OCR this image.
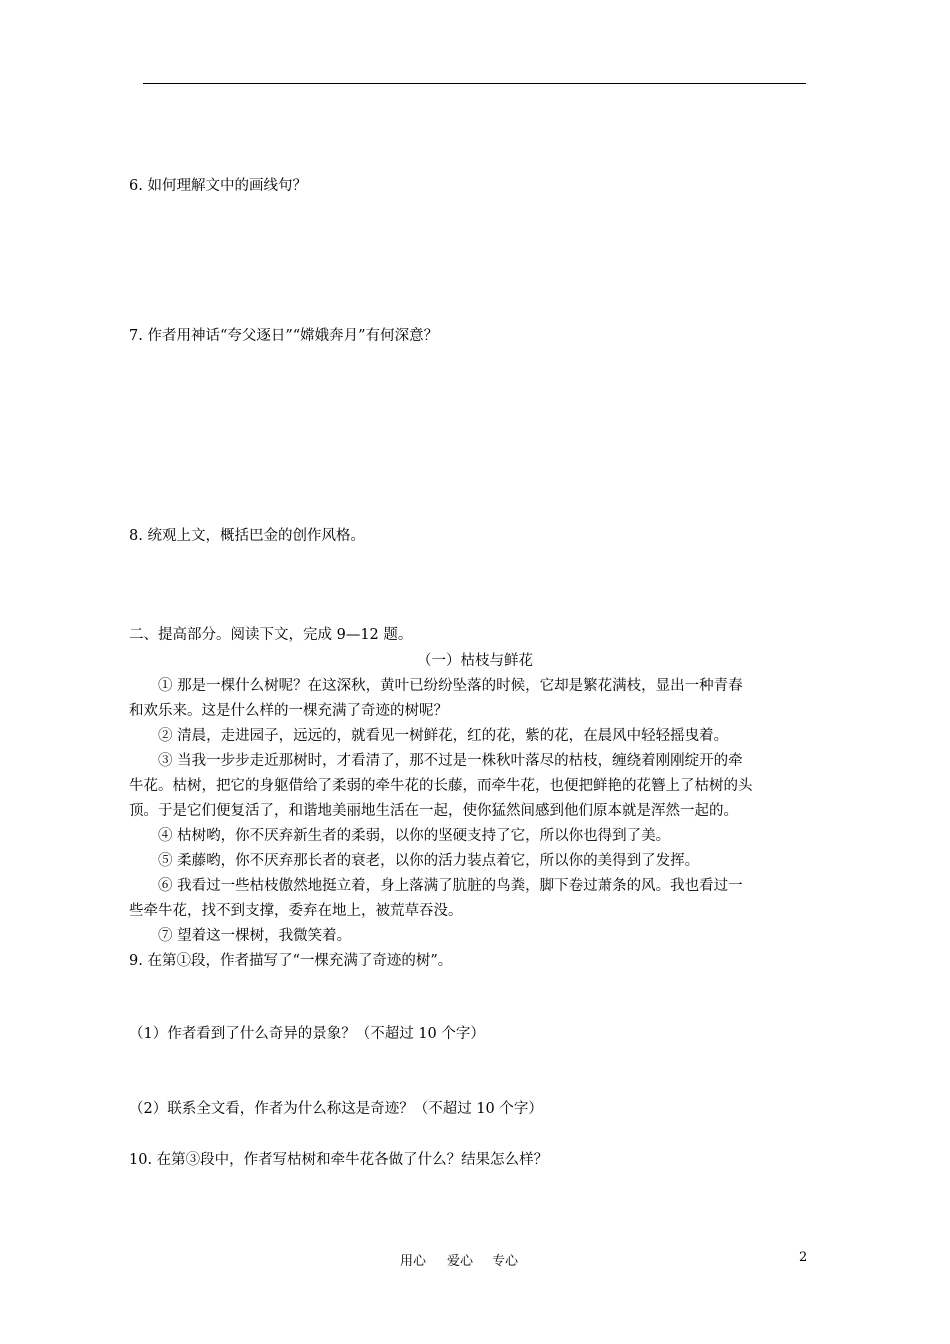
6. 如何理解文中的画线句？
7. 作者用神话“夸父逐日”“嫦娥奔月”有何深意？
8. 统观上文，概括巴金的创作风格。
二、提高部分。阅读下文，完成 9—12 题。
（一）枯枝与鲜花
① 那是一棵什么树呢？在这深秋，黄叶已纷纷坠落的时候，它却是繁花满枝，显出一种青春
和欢乐来。这是什么样的一棵充满了奇迹的树呢？
② 清晨，走进园子，远远的，就看见一树鲜花，红的花，紫的花，在晨风中轻轻摇曳着。
③ 当我一步步走近那树时，才看清了，那不过是一株秋叶落尽的枯枝，缠绕着刚刚绽开的牵
牛花。枯树，把它的身躯借给了柔弱的牵牛花的长藤，而牵牛花，也便把鲜艳的花簪上了枯树的头
顶。于是它们便复活了，和谐地美丽地生活在一起，使你猛然间感到他们原本就是浑然一起的。
④ 枯树哟，你不厌弃新生者的柔弱，以你的坚硬支持了它，所以你也得到了美。
⑤ 柔藤哟，你不厌弃那长者的衰老，以你的活力装点着它，所以你的美得到了发挥。
⑥ 我看过一些枯枝傲然地挺立着，身上落满了肮脏的鸟粪，脚下卷过萧条的风。我也看过一
些牵牛花，找不到支撑，委弃在地上，被荒草吞没。
⑦ 望着这一棵树，我微笑着。
9. 在第①段，作者描写了“一棵充满了奇迹的树”。
（1）作者看到了什么奇异的景象？（不超过 10 个字）
（2）联系全文看，作者为什么称这是奇迹？（不超过 10 个字）
10. 在第③段中，作者写枯树和牵牛花各做了什么？结果怎么样？
用心 爱心 专心	2
